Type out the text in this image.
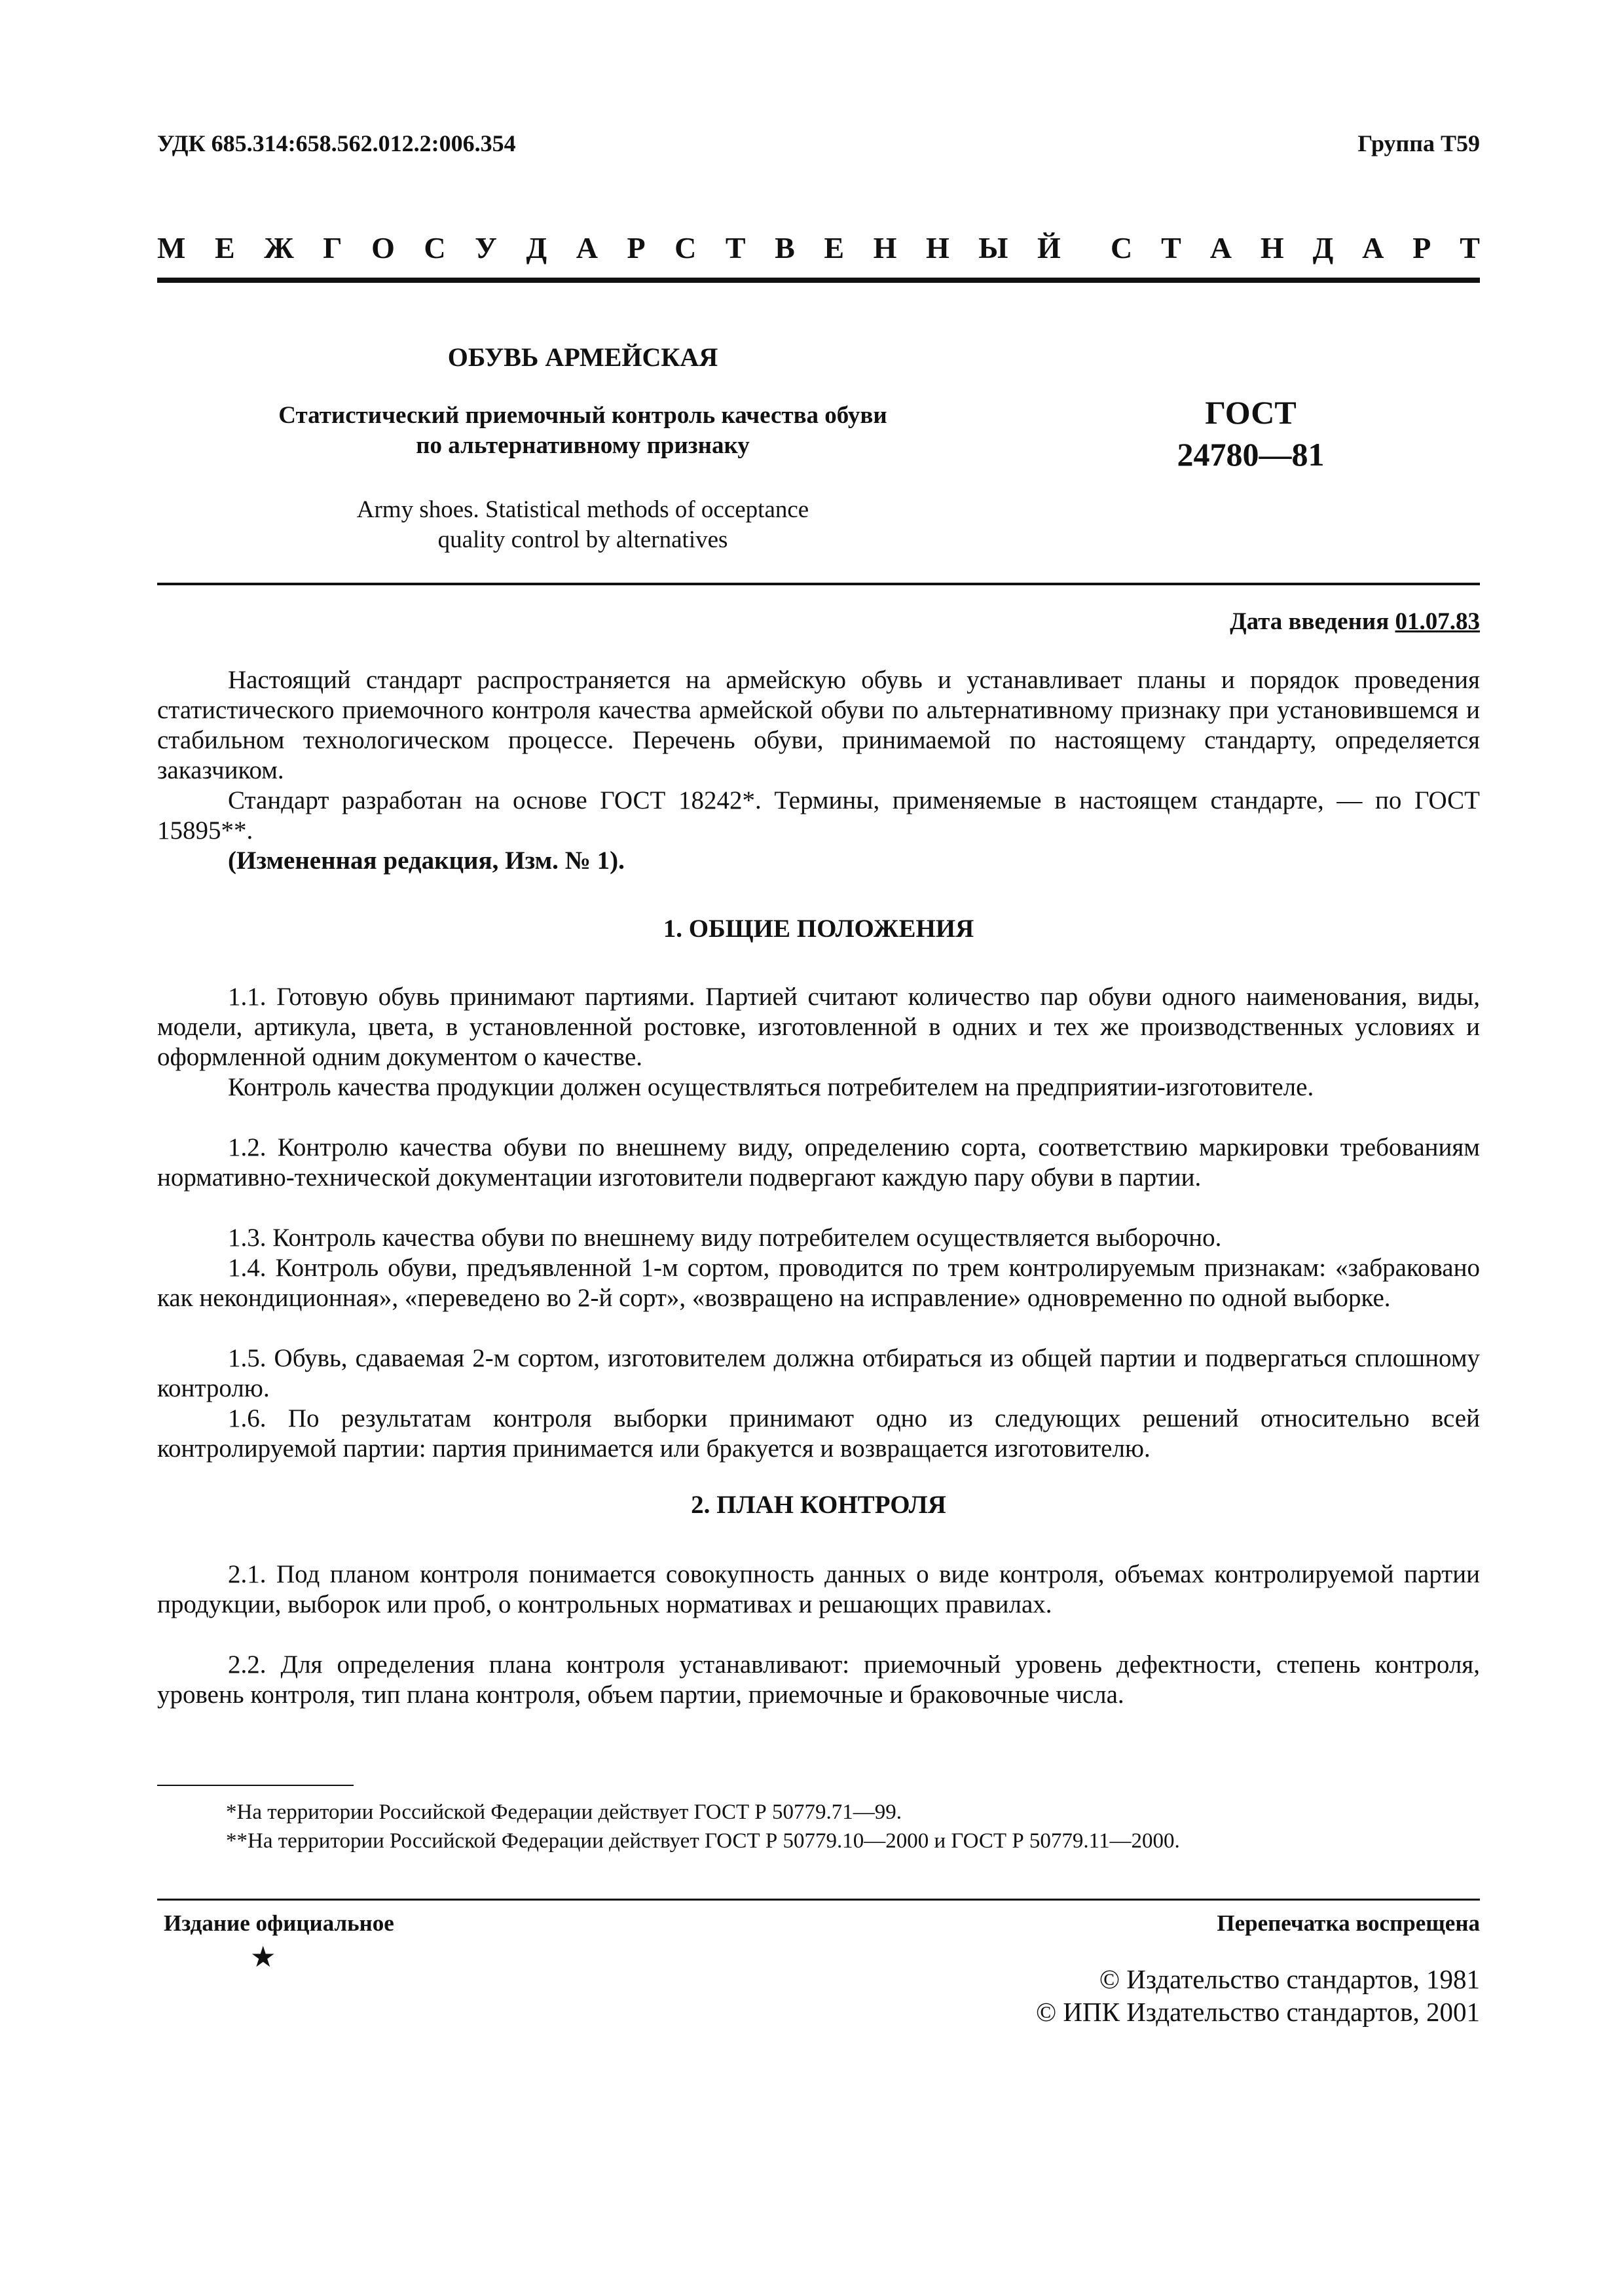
УДК 685.314:658.562.012.2:006.354	Группа Т59
М Е Ж Г О С У Д А Р С Т В Е Н Н Ы Й С Т А Н Д А Р Т
ОБУВЬ АРМЕЙСКАЯ
Статистический приемочный контроль качества обуви
по альтернативному признаку
Army shoes. Statistical methods of occeptance
quality control by alternatives
ГОСТ
24780—81
Дата введения 01.07.83
Настоящий стандарт распространяется на армейскую обувь и устанавливает планы и порядок проведения статистического приемочного контроля качества армейской обуви по альтернативному признаку при установившемся и стабильном технологическом процессе. Перечень обуви, принимаемой по настоящему стандарту, определяется заказчиком.
Стандарт разработан на основе ГОСТ 18242*. Термины, применяемые в настоящем стандарте, — по ГОСТ 15895**.
(Измененная редакция, Изм. № 1).
1. ОБЩИЕ ПОЛОЖЕНИЯ
1.1. Готовую обувь принимают партиями. Партией считают количество пар обуви одного наименования, виды, модели, артикула, цвета, в установленной ростовке, изготовленной в одних и тех же производственных условиях и оформленной одним документом о качестве.
Контроль качества продукции должен осуществляться потребителем на предприятии-изготовителе.
1.2. Контролю качества обуви по внешнему виду, определению сорта, соответствию маркировки требованиям нормативно-технической документации изготовители подвергают каждую пару обуви в партии.
1.3. Контроль качества обуви по внешнему виду потребителем осуществляется выборочно.
1.4. Контроль обуви, предъявленной 1-м сортом, проводится по трем контролируемым признакам: «забраковано как некондиционная», «переведено во 2-й сорт», «возвращено на исправление» одновременно по одной выборке.
1.5. Обувь, сдаваемая 2-м сортом, изготовителем должна отбираться из общей партии и подвергаться сплошному контролю.
1.6. По результатам контроля выборки принимают одно из следующих решений относительно всей контролируемой партии: партия принимается или бракуется и возвращается изготовителю.
2. ПЛАН КОНТРОЛЯ
2.1. Под планом контроля понимается совокупность данных о виде контроля, объемах контролируемой партии продукции, выборок или проб, о контрольных нормативах и решающих правилах.
2.2. Для определения плана контроля устанавливают: приемочный уровень дефектности, степень контроля, уровень контроля, тип плана контроля, объем партии, приемочные и браковочные числа.
*На территории Российской Федерации действует ГОСТ Р 50779.71—99.
**На территории Российской Федерации действует ГОСТ Р 50779.10—2000 и ГОСТ Р 50779.11—2000.
Издание официальное	Перепечатка воспрещена
★
© Издательство стандартов, 1981
© ИПК Издательство стандартов, 2001
